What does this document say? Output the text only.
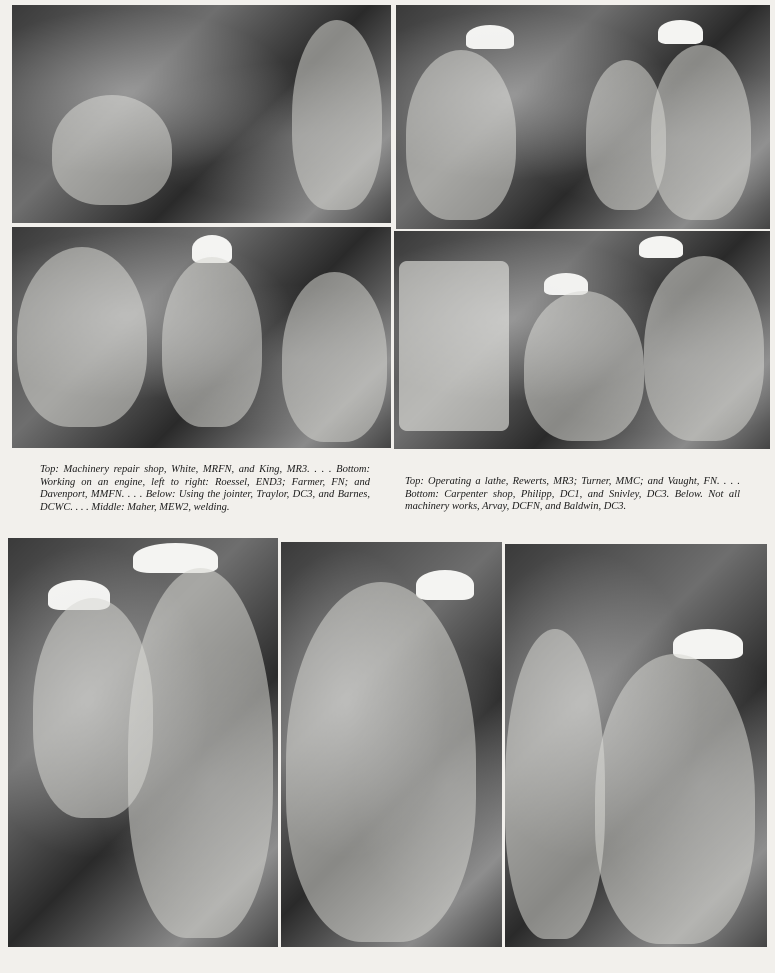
Top: Machinery repair shop, White, MRFN, and King, MR3. . . . Bottom: Working on an engine, left to right: Roessel, END3; Farmer, FN; and Davenport, MMFN. . . . Below: Using the jointer, Traylor, DC3, and Barnes, DCWC. . . . Middle: Maher, MEW2, welding.
Top: Operating a lathe, Rewerts, MR3; Turner, MMC; and Vaught, FN. . . . Bottom: Carpenter shop, Philipp, DC1, and Snivley, DC3. Below. Not all machinery works, Arvay, DCFN, and Baldwin, DC3.
